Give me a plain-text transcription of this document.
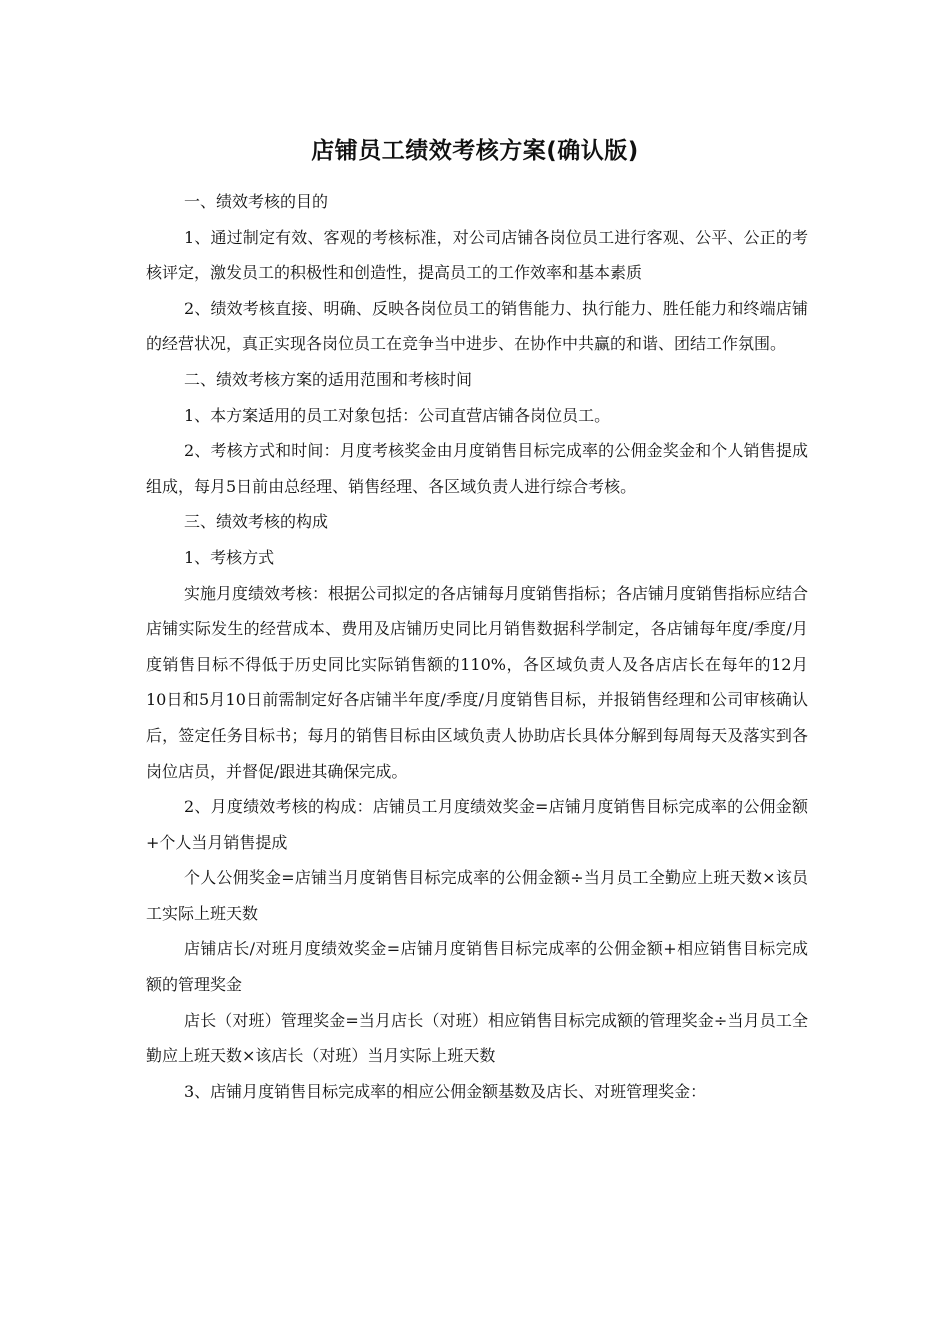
店铺员工绩效考核方案(确认版)

一、绩效考核的目的

1、通过制定有效、客观的考核标准，对公司店铺各岗位员工进行客观、公平、公正的考核评定，激发员工的积极性和创造性，提高员工的工作效率和基本素质

2、绩效考核直接、明确、反映各岗位员工的销售能力、执行能力、胜任能力和终端店铺的经营状况，真正实现各岗位员工在竞争当中进步、在协作中共赢的和谐、团结工作氛围。

二、绩效考核方案的适用范围和考核时间

1、本方案适用的员工对象包括：公司直营店铺各岗位员工。

2、考核方式和时间：月度考核奖金由月度销售目标完成率的公佣金奖金和个人销售提成组成，每月5日前由总经理、销售经理、各区域负责人进行综合考核。

三、绩效考核的构成

1、考核方式

实施月度绩效考核：根据公司拟定的各店铺每月度销售指标；各店铺月度销售指标应结合店铺实际发生的经营成本、费用及店铺历史同比月销售数据科学制定，各店铺每年度/季度/月度销售目标不得低于历史同比实际销售额的110%，各区域负责人及各店店长在每年的12月10日和5月10日前需制定好各店铺半年度/季度/月度销售目标，并报销售经理和公司审核确认后，签定任务目标书；每月的销售目标由区域负责人协助店长具体分解到每周每天及落实到各岗位店员，并督促/跟进其确保完成。

2、月度绩效考核的构成：店铺员工月度绩效奖金=店铺月度销售目标完成率的公佣金额+个人当月销售提成

个人公佣奖金=店铺当月度销售目标完成率的公佣金额÷当月员工全勤应上班天数×该员工实际上班天数

店铺店长/对班月度绩效奖金=店铺月度销售目标完成率的公佣金额+相应销售目标完成额的管理奖金

店长（对班）管理奖金=当月店长（对班）相应销售目标完成额的管理奖金÷当月员工全勤应上班天数×该店长（对班）当月实际上班天数

3、店铺月度销售目标完成率的相应公佣金额基数及店长、对班管理奖金：
